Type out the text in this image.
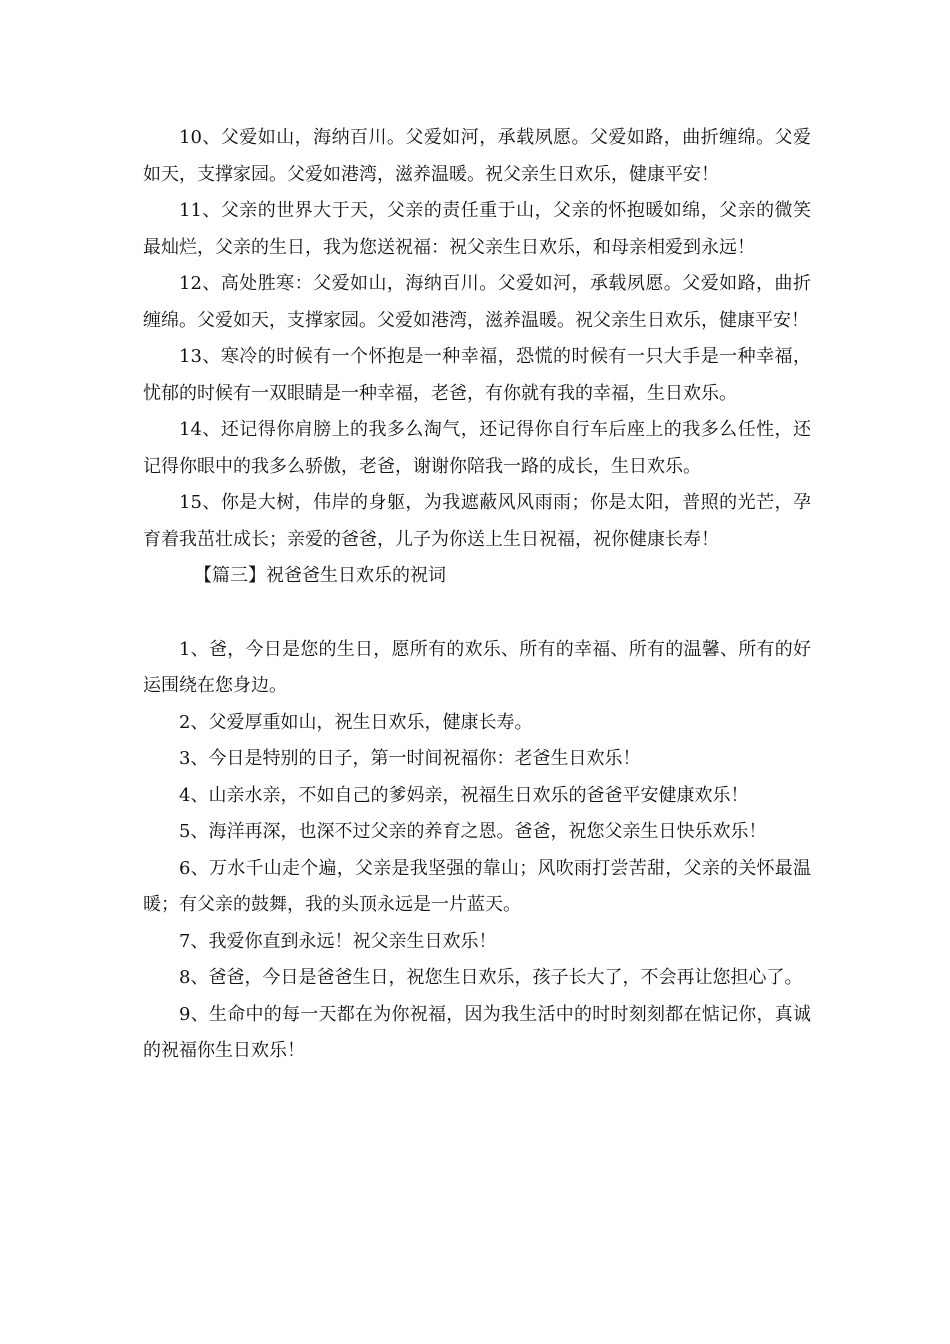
10、父爱如山，海纳百川。父爱如河，承载夙愿。父爱如路，曲折缠绵。父爱如天，支撑家园。父爱如港湾，滋养温暖。祝父亲生日欢乐，健康平安！

11、父亲的世界大于天，父亲的责任重于山，父亲的怀抱暖如绵，父亲的微笑最灿烂，父亲的生日，我为您送祝福：祝父亲生日欢乐，和母亲相爱到永远！

12、高处胜寒：父爱如山，海纳百川。父爱如河，承载夙愿。父爱如路，曲折缠绵。父爱如天，支撑家园。父爱如港湾，滋养温暖。祝父亲生日欢乐，健康平安！

13、寒冷的时候有一个怀抱是一种幸福，恐慌的时候有一只大手是一种幸福，忧郁的时候有一双眼睛是一种幸福，老爸，有你就有我的幸福，生日欢乐。

14、还记得你肩膀上的我多么淘气，还记得你自行车后座上的我多么任性，还记得你眼中的我多么骄傲，老爸，谢谢你陪我一路的成长，生日欢乐。

15、你是大树，伟岸的身躯，为我遮蔽风风雨雨；你是太阳，普照的光芒，孕育着我茁壮成长；亲爱的爸爸，儿子为你送上生日祝福，祝你健康长寿！

【篇三】祝爸爸生日欢乐的祝词

1、爸，今日是您的生日，愿所有的欢乐、所有的幸福、所有的温馨、所有的好运围绕在您身边。

2、父爱厚重如山，祝生日欢乐，健康长寿。

3、今日是特别的日子，第一时间祝福你：老爸生日欢乐！

4、山亲水亲，不如自己的爹妈亲，祝福生日欢乐的爸爸平安健康欢乐！

5、海洋再深，也深不过父亲的养育之恩。爸爸，祝您父亲生日快乐欢乐！

6、万水千山走个遍，父亲是我坚强的靠山；风吹雨打尝苦甜，父亲的关怀最温暖；有父亲的鼓舞，我的头顶永远是一片蓝天。

7、我爱你直到永远！祝父亲生日欢乐！

8、爸爸，今日是爸爸生日，祝您生日欢乐，孩子长大了，不会再让您担心了。

9、生命中的每一天都在为你祝福，因为我生活中的时时刻刻都在惦记你，真诚的祝福你生日欢乐！
